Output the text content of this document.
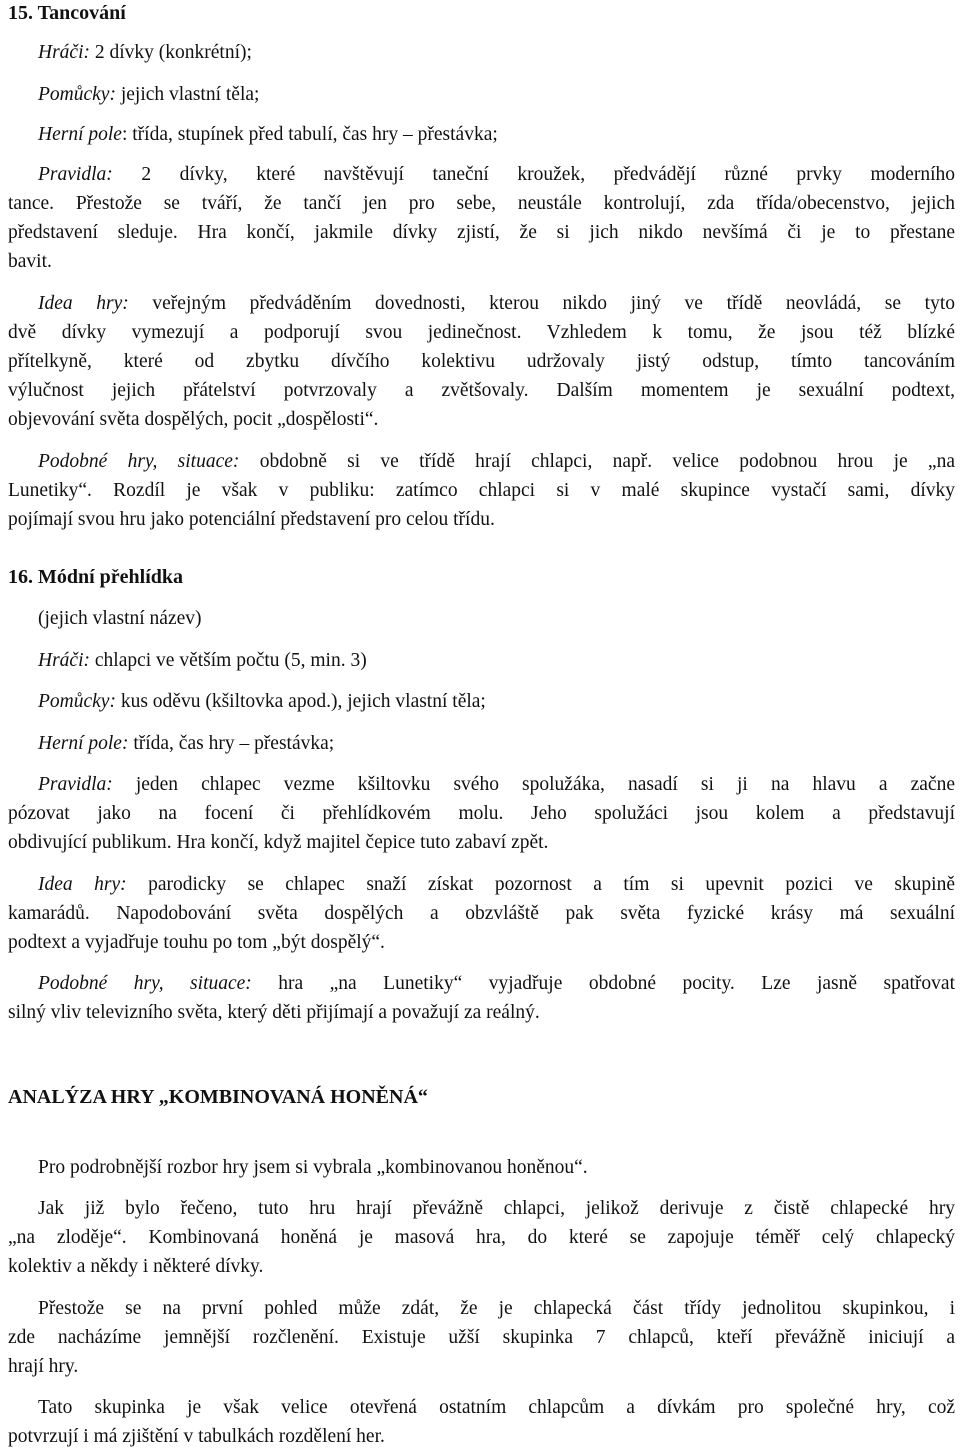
15. Tancování
Hráči: 2 dívky (konkrétní);
Pomůcky: jejich vlastní těla;
Herní pole: třída, stupínek před tabulí, čas hry – přestávka;
Pravidla: 2 dívky, které navštěvují taneční kroužek, předvádějí různé prvky moderního
tance. Přestože se tváří, že tančí jen pro sebe, neustále kontrolují, zda třída/obecenstvo, jejich
představení sleduje. Hra končí, jakmile dívky zjistí, že si jich nikdo nevšímá či je to přestane
bavit.
Idea hry: veřejným předváděním dovednosti, kterou nikdo jiný ve třídě neovládá, se tyto
dvě dívky vymezují a podporují svou jedinečnost. Vzhledem k tomu, že jsou též blízké
přítelkyně, které od zbytku dívčího kolektivu udržovaly jistý odstup, tímto tancováním
výlučnost jejich přátelství potvrzovaly a zvětšovaly. Dalším momentem je sexuální podtext,
objevování světa dospělých, pocit „dospělosti“.
Podobné hry, situace: obdobně si ve třídě hrají chlapci, např. velice podobnou hrou je „na
Lunetiky“. Rozdíl je však v publiku: zatímco chlapci si v malé skupince vystačí sami, dívky
pojímají svou hru jako potenciální představení pro celou třídu.
16. Módní přehlídka
(jejich vlastní název)
Hráči: chlapci ve větším počtu (5, min. 3)
Pomůcky: kus oděvu (kšiltovka apod.), jejich vlastní těla;
Herní pole: třída, čas hry – přestávka;
Pravidla: jeden chlapec vezme kšiltovku svého spolužáka, nasadí si ji na hlavu a začne
pózovat jako na focení či přehlídkovém molu. Jeho spolužáci jsou kolem a představují
obdivující publikum. Hra končí, když majitel čepice tuto zabaví zpět.
Idea hry: parodicky se chlapec snaží získat pozornost a tím si upevnit pozici ve skupině
kamarádů. Napodobování světa dospělých a obzvláště pak světa fyzické krásy má sexuální
podtext a vyjadřuje touhu po tom „být dospělý“.
Podobné hry, situace: hra „na Lunetiky“ vyjadřuje obdobné pocity. Lze jasně spatřovat
silný vliv televizního světa, který děti přijímají a považují za reálný.
ANALÝZA HRY „KOMBINOVANÁ HONĚNÁ“
Pro podrobnější rozbor hry jsem si vybrala „kombinovanou honěnou“.
Jak již bylo řečeno, tuto hru hrají převážně chlapci, jelikož derivuje z čistě chlapecké hry
„na zloděje“. Kombinovaná honěná je masová hra, do které se zapojuje téměř celý chlapecký
kolektiv a někdy i některé dívky.
Přestože se na první pohled může zdát, že je chlapecká část třídy jednolitou skupinkou, i
zde nacházíme jemnější rozčlenění. Existuje užší skupinka 7 chlapců, kteří převážně iniciují a
hrají hry.
Tato skupinka je však velice otevřená ostatním chlapcům a dívkám pro společné hry, což
potvrzují i má zjištění v tabulkách rozdělení her.
